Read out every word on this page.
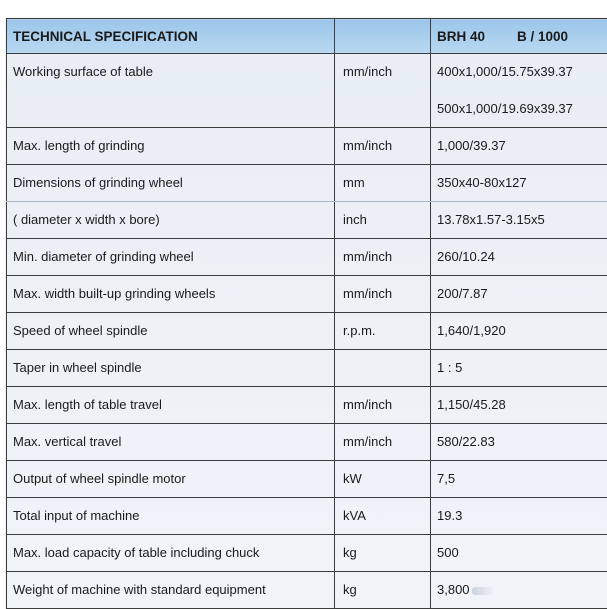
TECHNICAL SPECIFICATION		BRH 40 B / 1000
Working surface of table	mm/inch	400x1,000/15.75x39.37
500x1,000/19.69x39.37

Max. length of grinding	mm/inch	1,000/39.37
Dimensions of grinding wheel	mm	350x40-80x127
( diameter x width x bore)	inch	13.78x1.57-3.15x5
Min. diameter of grinding wheel	mm/inch	260/10.24
Max. width built-up grinding wheels	mm/inch	200/7.87
Speed of wheel spindle	r.p.m.	1,640/1,920
Taper in wheel spindle		1 : 5
Max. length of table travel	mm/inch	1,150/45.28
Max. vertical travel	mm/inch	580/22.83
Output of wheel spindle motor	kW	7,5
Total input of machine	kVA	19.3
Max. load capacity of table including chuck	kg	500
Weight of machine with standard equipment	kg	3,800
